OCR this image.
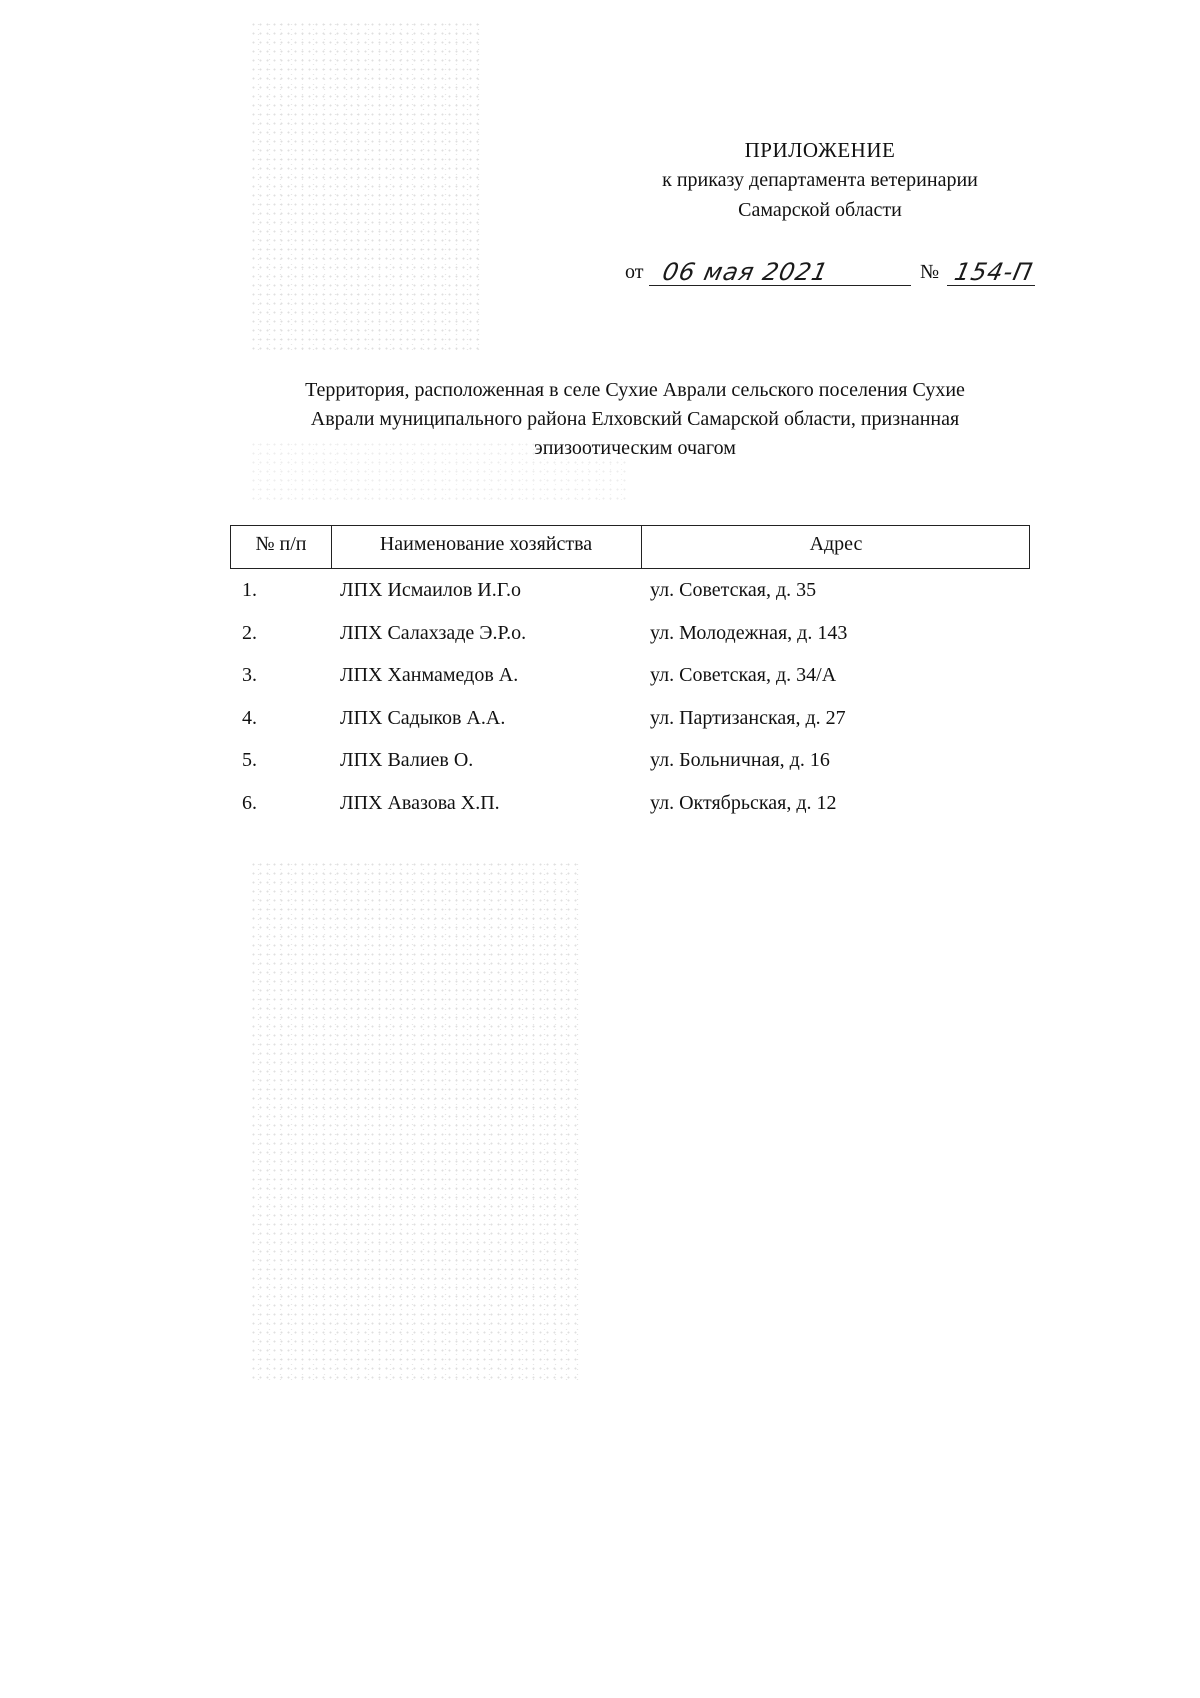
ПРИЛОЖЕНИЕ
к приказу департамента ветеринарии
Самарской области
от 06 мая 2021	№ 154-П
Территория, расположенная в селе Сухие Аврали сельского поселения Сухие
Аврали муниципального района Елховский Самарской области, признанная
эпизоотическим очагом
№ п/п	Наименование хозяйства	Адрес
1.	ЛПХ Исмаилов И.Г.о	ул. Советская, д. 35
2.	ЛПХ Салахзаде Э.Р.о.	ул. Молодежная, д. 143
3.	ЛПХ Ханмамедов А.	ул. Советская, д. 34/А
4.	ЛПХ Садыков А.А.	ул. Партизанская, д. 27
5.	ЛПХ Валиев О.	ул. Больничная, д. 16
6.	ЛПХ Авазова Х.П.	ул. Октябрьская, д. 12
